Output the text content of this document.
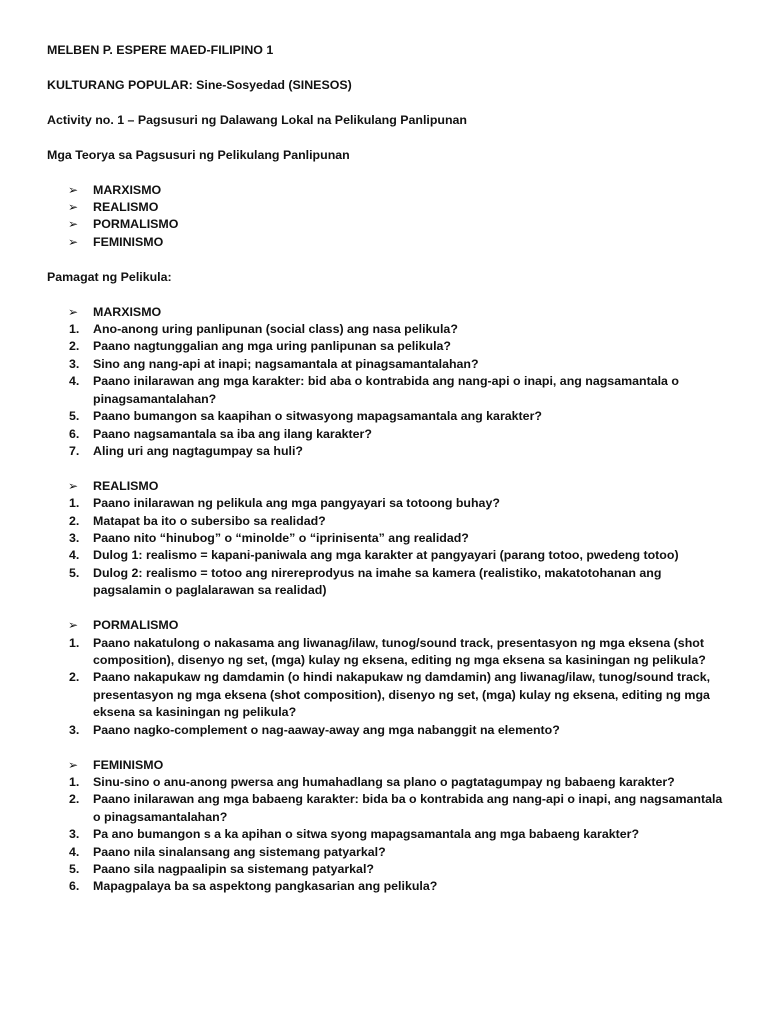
MELBEN P. ESPERE MAED-FILIPINO 1
KULTURANG POPULAR: Sine-Sosyedad (SINESOS)
Activity no. 1 – Pagsusuri ng Dalawang Lokal na Pelikulang Panlipunan
Mga Teorya sa Pagsusuri ng Pelikulang Panlipunan
➢ MARXISMO
➢ REALISMO
➢ PORMALISMO
➢ FEMINISMO
Pamagat ng Pelikula:
➢ MARXISMO
1. Ano-anong uring panlipunan (social class) ang nasa pelikula?
2. Paano nagtunggalian ang mga uring panlipunan sa pelikula?
3. Sino ang nang-api at inapi; nagsamantala at pinagsamantalahan?
4. Paano inilarawan ang mga karakter: bid aba o kontrabida ang nang-api o inapi, ang nagsamantala o pinagsamantalahan?
5. Paano bumangon sa kaapihan o sitwasyong mapagsamantala ang karakter?
6. Paano nagsamantala sa iba ang ilang karakter?
7. Aling uri ang nagtagumpay sa huli?
➢ REALISMO
1. Paano inilarawan ng pelikula ang mga pangyayari sa totoong buhay?
2. Matapat ba ito o subersibo sa realidad?
3. Paano nito “hinubog” o “minolde” o “iprinisenta” ang realidad?
4. Dulog 1: realismo = kapani-paniwala ang mga karakter at pangyayari (parang totoo, pwedeng totoo)
5. Dulog 2: realismo = totoo ang nirereprodyus na imahe sa kamera (realistiko, makatotohanan ang pagsalamin o paglalarawan sa realidad)
➢ PORMALISMO
1. Paano nakatulong o nakasama ang liwanag/ilaw, tunog/sound track, presentasyon ng mga eksena (shot composition), disenyo ng set, (mga) kulay ng eksena, editing ng mga eksena sa kasiningan ng pelikula?
2. Paano nakapukaw ng damdamin (o hindi nakapukaw ng damdamin) ang liwanag/ilaw, tunog/sound track, presentasyon ng mga eksena (shot composition), disenyo ng set, (mga) kulay ng eksena, editing ng mga eksena sa kasiningan ng pelikula?
3. Paano nagko-complement o nag-aaway-away ang mga nabanggit na elemento?
➢ FEMINISMO
1. Sinu-sino o anu-anong pwersa ang humahadlang sa plano o pagtatagumpay ng babaeng karakter?
2. Paano inilarawan ang mga babaeng karakter: bida ba o kontrabida ang nang-api o inapi, ang nagsamantala o pinagsamantalahan?
3. Pa ano bumangon s a ka apihan o sitwa syong mapagsamantala ang mga babaeng karakter?
4. Paano nila sinalansang ang sistemang patyarkal?
5. Paano sila nagpaalipin sa sistemang patyarkal?
6. Mapagpalaya ba sa aspektong pangkasarian ang pelikula?
